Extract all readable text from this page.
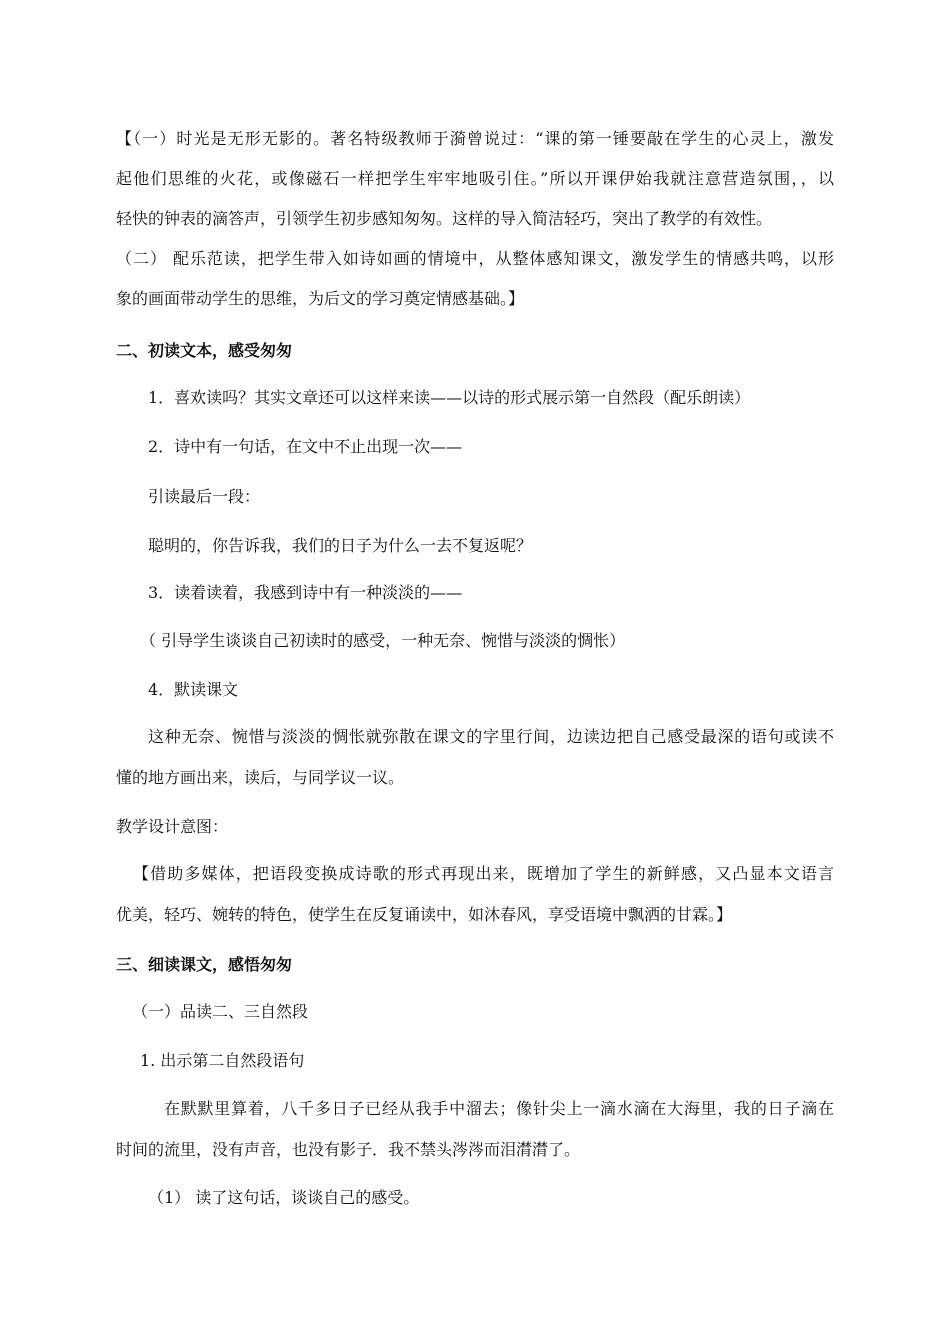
【（一）时光是无形无影的。著名特级教师于漪曾说过：“课的第一锤要敲在学生的心灵上，激发
起他们思维的火花，或像磁石一样把学生牢牢地吸引住。”所以开课伊始我就注意营造氛围，，以
轻快的钟表的滴答声，引领学生初步感知匆匆。这样的导入简洁轻巧，突出了教学的有效性。
（二） 配乐范读，把学生带入如诗如画的情境中，从整体感知课文，激发学生的情感共鸣，以形
象的画面带动学生的思维，为后文的学习奠定情感基础。】
二、初读文本，感受匆匆
1．喜欢读吗？其实文章还可以这样来读——以诗的形式展示第一自然段（配乐朗读）
2．诗中有一句话，在文中不止出现一次——
引读最后一段：
聪明的，你告诉我，我们的日子为什么一去不复返呢？
3．读着读着，我感到诗中有一种淡淡的——
（ 引导学生谈谈自己初读时的感受，一种无奈、惋惜与淡淡的惆怅）
4．默读课文
这种无奈、惋惜与淡淡的惆怅就弥散在课文的字里行间，边读边把自己感受最深的语句或读不
懂的地方画出来，读后，与同学议一议。
教学设计意图：
【借助多媒体，把语段变换成诗歌的形式再现出来，既增加了学生的新鲜感，又凸显本文语言
优美，轻巧、婉转的特色，使学生在反复诵读中，如沐春风，享受语境中飘洒的甘霖。】
三、细读课文，感悟匆匆
（一）品读二、三自然段
1. 出示第二自然段语句
在默默里算着，八千多日子已经从我手中溜去；像针尖上一滴水滴在大海里，我的日子滴在
时间的流里，没有声音，也没有影子．我不禁头涔涔而泪潸潸了。
（1） 读了这句话，谈谈自己的感受。
